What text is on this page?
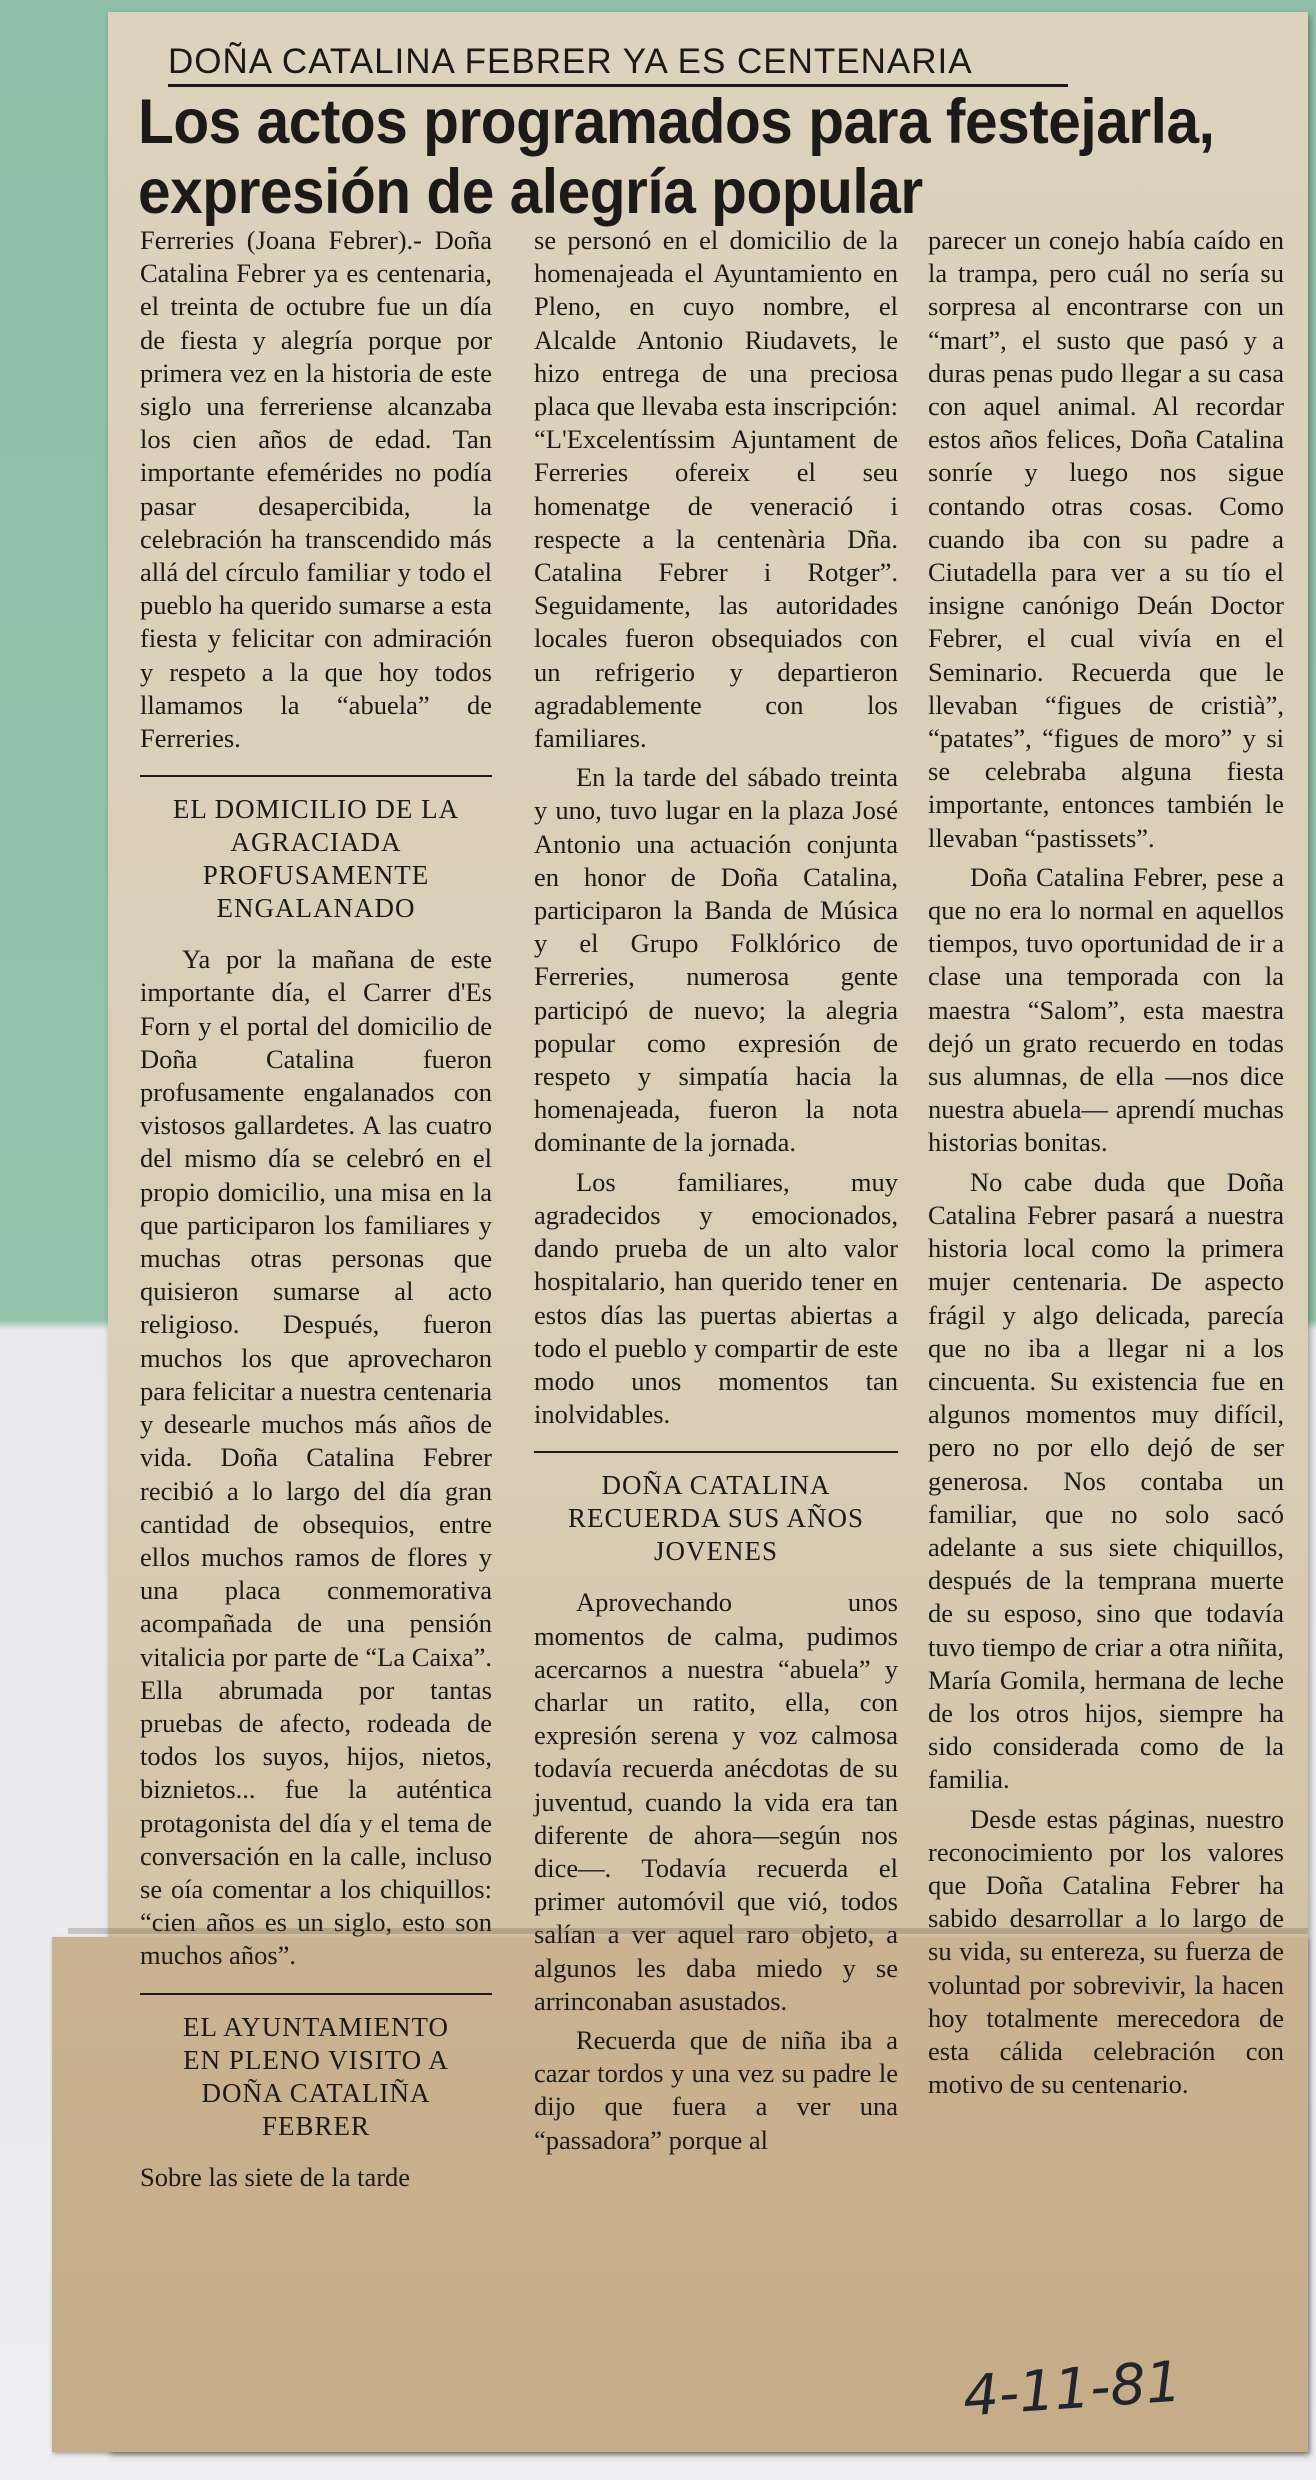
DOÑA CATALINA FEBRER YA ES CENTENARIA
Los actos programados para festejarla, expresión de alegría popular

Ferreries (Joana Febrer).- Doña Catalina Febrer ya es centenaria, el treinta de octubre fue un día de fiesta y alegría porque por primera vez en la historia de este siglo una ferreriense alcanzaba los cien años de edad. Tan importante efemérides no podía pasar desapercibida, la celebración ha transcendido más allá del círculo familiar y todo el pueblo ha querido sumarse a esta fiesta y felicitar con admiración y respeto a la que hoy todos llamamos la “abuela” de Ferreries.

EL DOMICILIO DE LA
AGRACIADA
PROFUSAMENTE
ENGALANADO

Ya por la mañana de este importante día, el Carrer d'Es Forn y el portal del domicilio de Doña Catalina fueron profusamente engalanados con vistosos gallardetes. A las cuatro del mismo día se celebró en el propio domicilio, una misa en la que participaron los familiares y muchas otras personas que quisieron sumarse al acto religioso. Después, fueron muchos los que aprovecharon para felicitar a nuestra centenaria y desearle muchos más años de vida. Doña Catalina Febrer recibió a lo largo del día gran cantidad de obsequios, entre ellos muchos ramos de flores y una placa conmemorativa acompañada de una pensión vitalicia por parte de “La Caixa”. Ella abrumada por tantas pruebas de afecto, rodeada de todos los suyos, hijos, nietos, biznietos... fue la auténtica protagonista del día y el tema de conversación en la calle, incluso se oía comentar a los chiquillos: “cien años es un siglo, esto son muchos años”.

EL AYUNTAMIENTO
EN PLENO VISITO A
DOÑA CATALIÑA
FEBRER

Sobre las siete de la tarde

se personó en el domicilio de la homenajeada el Ayuntamiento en Pleno, en cuyo nombre, el Alcalde Antonio Riudavets, le hizo entrega de una preciosa placa que llevaba esta inscripción: “L'Excelentíssim Ajuntament de Ferreries ofereix el seu homenatge de veneració i respecte a la centenària Dña. Catalina Febrer i Rotger”. Seguidamente, las autoridades locales fueron obsequiados con un refrigerio y departieron agradablemente con los familiares.

En la tarde del sábado treinta y uno, tuvo lugar en la plaza José Antonio una actuación conjunta en honor de Doña Catalina, participaron la Banda de Música y el Grupo Folklórico de Ferreries, numerosa gente participó de nuevo; la alegria popular como expresión de respeto y simpatía hacia la homenajeada, fueron la nota dominante de la jornada.

Los familiares, muy agradecidos y emocionados, dando prueba de un alto valor hospitalario, han querido tener en estos días las puertas abiertas a todo el pueblo y compartir de este modo unos momentos tan inolvidables.

DOÑA CATALINA
RECUERDA SUS AÑOS
JOVENES

Aprovechando unos momentos de calma, pudimos acercarnos a nuestra “abuela” y charlar un ratito, ella, con expresión serena y voz calmosa todavía recuerda anécdotas de su juventud, cuando la vida era tan diferente de ahora—según nos dice—. Todavía recuerda el primer automóvil que vió, todos salían a ver aquel raro objeto, a algunos les daba miedo y se arrinconaban asustados.

Recuerda que de niña iba a cazar tordos y una vez su padre le dijo que fuera a ver una “passadora” porque al

parecer un conejo había caído en la trampa, pero cuál no sería su sorpresa al encontrarse con un “mart”, el susto que pasó y a duras penas pudo llegar a su casa con aquel animal. Al recordar estos años felices, Doña Catalina sonríe y luego nos sigue contando otras cosas. Como cuando iba con su padre a Ciutadella para ver a su tío el insigne canónigo Deán Doctor Febrer, el cual vivía en el Seminario. Recuerda que le llevaban “figues de cristià”, “patates”, “figues de moro” y si se celebraba alguna fiesta importante, entonces también le llevaban “pastissets”.

Doña Catalina Febrer, pese a que no era lo normal en aquellos tiempos, tuvo oportunidad de ir a clase una temporada con la maestra “Salom”, esta maestra dejó un grato recuerdo en todas sus alumnas, de ella —nos dice nuestra abuela— aprendí muchas historias bonitas.

No cabe duda que Doña Catalina Febrer pasará a nuestra historia local como la primera mujer centenaria. De aspecto frágil y algo delicada, parecía que no iba a llegar ni a los cincuenta. Su existencia fue en algunos momentos muy difícil, pero no por ello dejó de ser generosa. Nos contaba un familiar, que no solo sacó adelante a sus siete chiquillos, después de la temprana muerte de su esposo, sino que todavía tuvo tiempo de criar a otra niñita, María Gomila, hermana de leche de los otros hijos, siempre ha sido considerada como de la familia.

Desde estas páginas, nuestro reconocimiento por los valores que Doña Catalina Febrer ha sabido desarrollar a lo largo de su vida, su entereza, su fuerza de voluntad por sobrevivir, la hacen hoy totalmente merecedora de esta cálida celebración con motivo de su centenario.

4-11-81
